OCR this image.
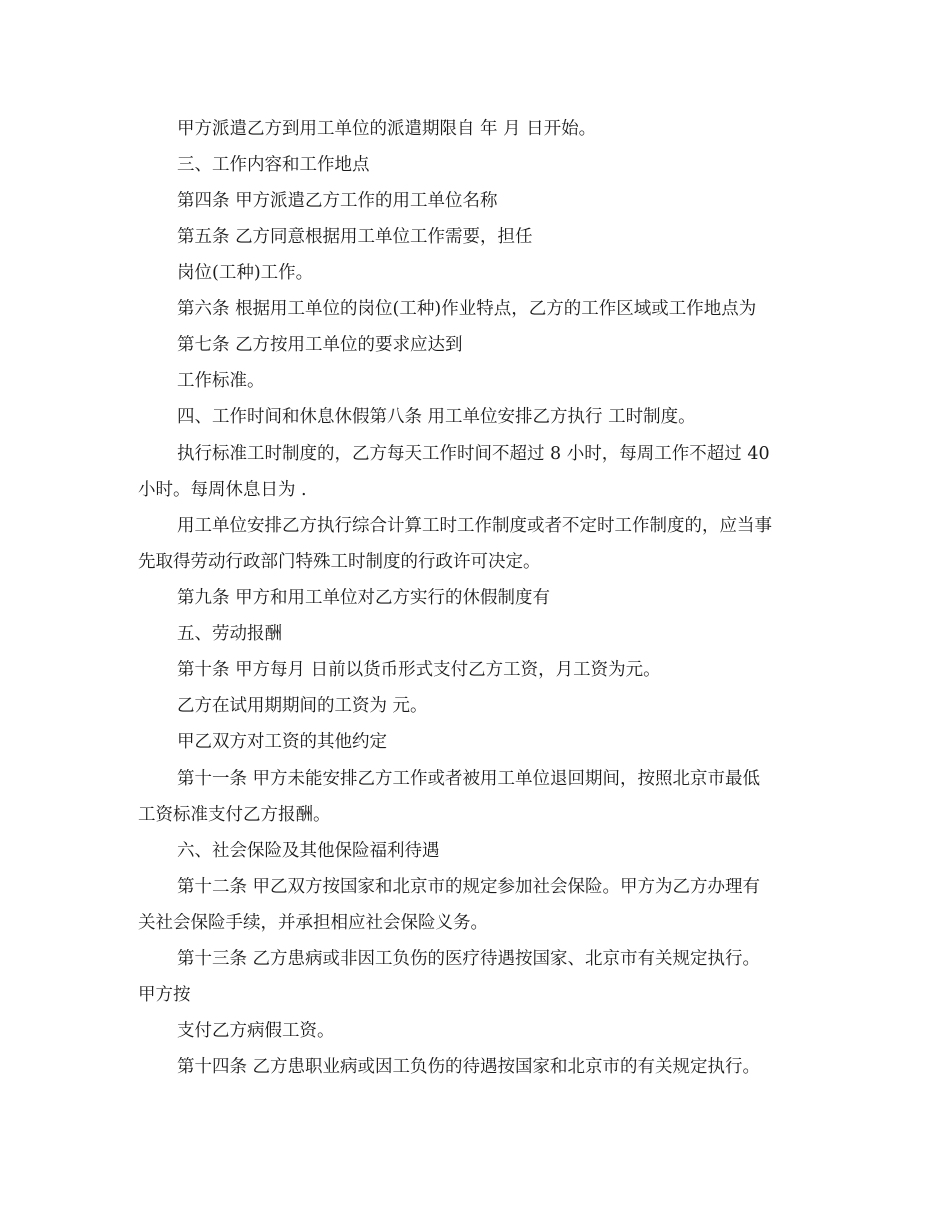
甲方派遣乙方到用工单位的派遣期限自 年 月 日开始。
三、工作内容和工作地点
第四条 甲方派遣乙方工作的用工单位名称
第五条 乙方同意根据用工单位工作需要，担任
岗位(工种)工作。
第六条 根据用工单位的岗位(工种)作业特点，乙方的工作区域或工作地点为
第七条 乙方按用工单位的要求应达到
工作标准。
四、工作时间和休息休假第八条 用工单位安排乙方执行 工时制度。
执行标准工时制度的，乙方每天工作时间不超过 8 小时，每周工作不超过 40
小时。每周休息日为 .
用工单位安排乙方执行综合计算工时工作制度或者不定时工作制度的，应当事
先取得劳动行政部门特殊工时制度的行政许可决定。
第九条 甲方和用工单位对乙方实行的休假制度有
五、劳动报酬
第十条 甲方每月 日前以货币形式支付乙方工资，月工资为元。
乙方在试用期期间的工资为 元。
甲乙双方对工资的其他约定
第十一条 甲方未能安排乙方工作或者被用工单位退回期间，按照北京市最低
工资标准支付乙方报酬。
六、社会保险及其他保险福利待遇
第十二条 甲乙双方按国家和北京市的规定参加社会保险。甲方为乙方办理有
关社会保险手续，并承担相应社会保险义务。
第十三条 乙方患病或非因工负伤的医疗待遇按国家、北京市有关规定执行。
甲方按
支付乙方病假工资。
第十四条 乙方患职业病或因工负伤的待遇按国家和北京市的有关规定执行。
